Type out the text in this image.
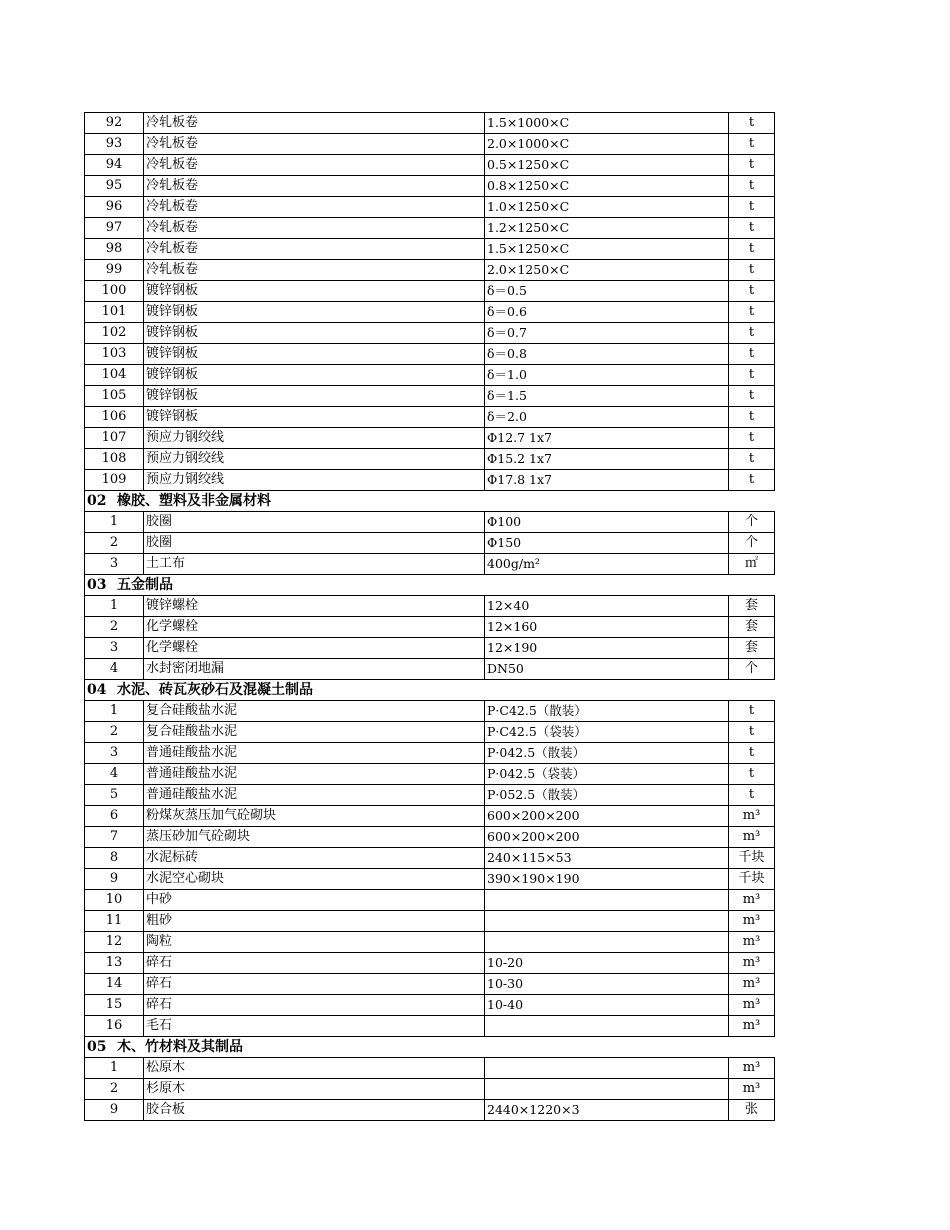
92	冷轧板卷	1.5×1000×C	t
93	冷轧板卷	2.0×1000×C	t
94	冷轧板卷	0.5×1250×C	t
95	冷轧板卷	0.8×1250×C	t
96	冷轧板卷	1.0×1250×C	t
97	冷轧板卷	1.2×1250×C	t
98	冷轧板卷	1.5×1250×C	t
99	冷轧板卷	2.0×1250×C	t
100	镀锌钢板	δ＝0.5	t
101	镀锌钢板	δ＝0.6	t
102	镀锌钢板	δ＝0.7	t
103	镀锌钢板	δ＝0.8	t
104	镀锌钢板	δ＝1.0	t
105	镀锌钢板	δ＝1.5	t
106	镀锌钢板	δ＝2.0	t
107	预应力钢绞线	Φ12.7 1x7	t
108	预应力钢绞线	Φ15.2 1x7	t
109	预应力钢绞线	Φ17.8 1x7	t
02 橡胶、塑料及非金属材料			
1	胶圈	Φ100	个
2	胶圈	Φ150	个
3	土工布	400g/m²	㎡
03 五金制品			
1	镀锌螺栓	12×40	套
2	化学螺栓	12×160	套
3	化学螺栓	12×190	套
4	水封密闭地漏	DN50	个
04 水泥、砖瓦灰砂石及混凝土制品			
1	复合硅酸盐水泥	P·C42.5（散装）	t
2	复合硅酸盐水泥	P·C42.5（袋装）	t
3	普通硅酸盐水泥	P·042.5（散装）	t
4	普通硅酸盐水泥	P·042.5（袋装）	t
5	普通硅酸盐水泥	P·052.5（散装）	t
6	粉煤灰蒸压加气砼砌块	600×200×200	m³
7	蒸压砂加气砼砌块	600×200×200	m³
8	水泥标砖	240×115×53	千块
9	水泥空心砌块	390×190×190	千块
10	中砂		m³
11	粗砂		m³
12	陶粒		m³
13	碎石	10-20	m³
14	碎石	10-30	m³
15	碎石	10-40	m³
16	毛石		m³
05 木、竹材料及其制品			
1	松原木		m³
2	杉原木		m³
9	胶合板	2440×1220×3	张
